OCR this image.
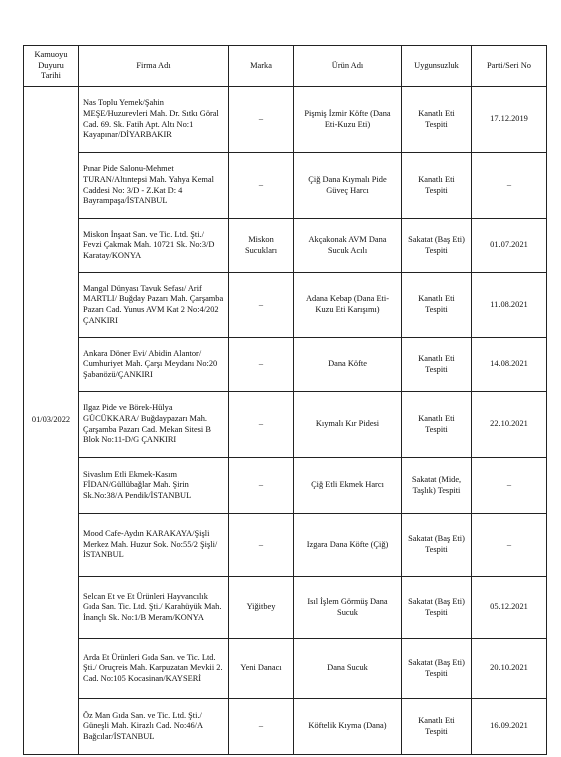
Kamuoyu Duyuru Tarihi	Firma Adı	Marka	Ürün Adı	Uygunsuzluk	Parti/Seri No
01/03/2022	Nas Toplu Yemek/Şahin MEŞE/Huzurevleri Mah. Dr. Sıtkı Göral Cad. 69. Sk. Fatih Apt. Altı No:1 Kayapınar/DİYARBAKIR	–	Pişmiş İzmir Köfte (Dana Eti-Kuzu Eti)	Kanatlı Eti Tespiti	17.12.2019
	Pınar Pide Salonu-Mehmet TURAN/Altıntepsi Mah. Yahya Kemal Caddesi No: 3/D - Z.Kat D: 4 Bayrampaşa/İSTANBUL	–	Çiğ Dana Kıymalı Pide Güveç Harcı	Kanatlı Eti Tespiti	–
	Miskon İnşaat San. ve Tic. Ltd. Şti./ Fevzi Çakmak Mah. 10721 Sk. No:3/D Karatay/KONYA	Miskon Sucukları	Akçakonak AVM Dana Sucuk Acılı	Sakatat (Baş Eti) Tespiti	01.07.2021
	Mangal Dünyası Tavuk Sefası/ Arif MARTLI/ Buğday Pazarı Mah. Çarşamba Pazarı Cad. Yunus AVM Kat 2 No:4/202 ÇANKIRI	–	Adana Kebap (Dana Eti-Kuzu Eti Karışımı)	Kanatlı Eti Tespiti	11.08.2021
	Ankara Döner Evi/ Abidin Alantor/ Cumhuriyet Mah. Çarşı Meydanı No:20 Şabanözü/ÇANKIRI	–	Dana Köfte	Kanatlı Eti Tespiti	14.08.2021
	Ilgaz Pide ve Börek-Hülya GÜCÜKKARA/ Buğdaypazarı Mah. Çarşamba Pazarı Cad. Mekan Sitesi B Blok No:11-D/G ÇANKIRI	–	Kıymalı Kır Pidesi	Kanatlı Eti Tespiti	22.10.2021
	Sivaslım Etli Ekmek-Kasım FİDAN/Güllübağlar Mah. Şirin Sk.No:38/A Pendik/İSTANBUL	–	Çiğ Etli Ekmek Harcı	Sakatat (Mide, Taşlık) Tespiti	–
	Mood Cafe-Aydın KARAKAYA/Şişli Merkez Mah. Huzur Sok. No:55/2 Şişli/İSTANBUL	–	Izgara Dana Köfte (Çiğ)	Sakatat (Baş Eti) Tespiti	–
	Selcan Et ve Et Ürünleri Hayvancılık Gıda San. Tic. Ltd. Şti./ Karahüyük Mah. İnançlı Sk. No:1/B Meram/KONYA	Yiğitbey	Isıl İşlem Görmüş Dana Sucuk	Sakatat (Baş Eti) Tespiti	05.12.2021
	Arda Et Ürünleri Gıda San. ve Tic. Ltd. Şti./ Oruçreis Mah. Karpuzatan Mevkii 2. Cad. No:105 Kocasinan/KAYSERİ	Yeni Danacı	Dana Sucuk	Sakatat (Baş Eti) Tespiti	20.10.2021
	Öz Man Gıda San. ve Tic. Ltd. Şti./ Güneşli Mah. Kirazlı Cad. No:46/A Bağcılar/İSTANBUL	–	Köftelik Kıyma (Dana)	Kanatlı Eti Tespiti	16.09.2021
